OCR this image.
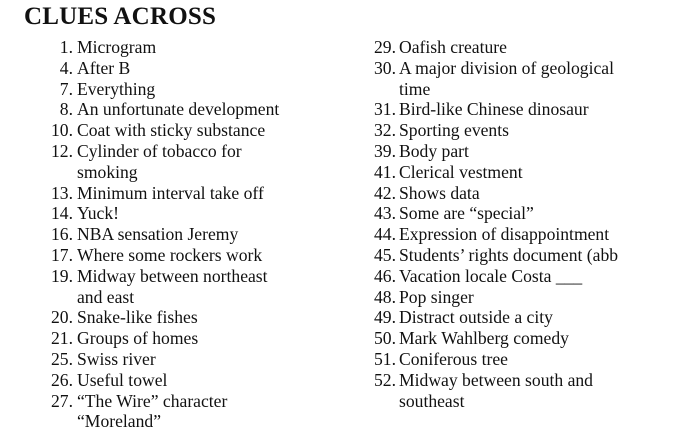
CLUES ACROSS
1. Microgram
4. After B
7. Everything
8. An unfortunate development
10. Coat with sticky substance
12. Cylinder of tobacco for
smoking
13. Minimum interval take off
14. Yuck!
16. NBA sensation Jeremy
17. Where some rockers work
19. Midway between northeast
and east
20. Snake-like fishes
21. Groups of homes
25. Swiss river
26. Useful towel
27. “The Wire” character
“Moreland”
29. Oafish creature
30. A major division of geological
time
31. Bird-like Chinese dinosaur
32. Sporting events
39. Body part
41. Clerical vestment
42. Shows data
43. Some are “special”
44. Expression of disappointment
45. Students’ rights document (abb
46. Vacation locale Costa ___
48. Pop singer
49. Distract outside a city
50. Mark Wahlberg comedy
51. Coniferous tree
52. Midway between south and
southeast
